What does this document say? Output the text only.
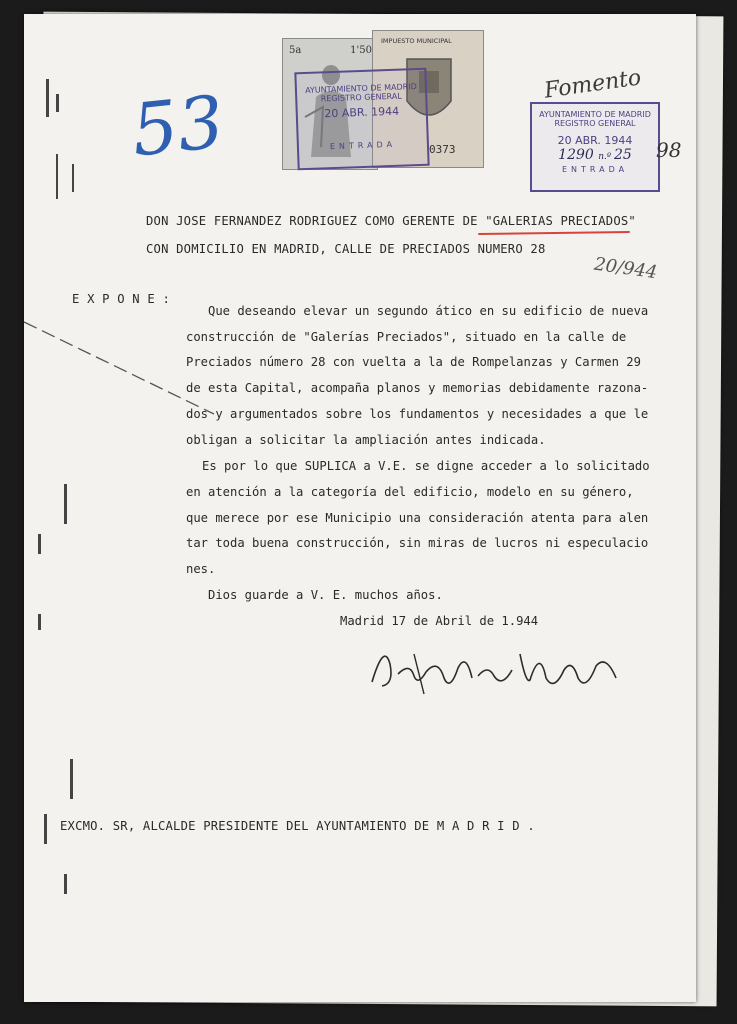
5a	1'50
IMPUESTO MUNICIPAL
0373
AYUNTAMIENTO DE MADRID
REGISTRO GENERAL
20 ABR. 1944
ENTRADA
53	Fomento
AYUNTAMIENTO DE MADRID
REGISTRO GENERAL
20 ABR. 1944
1290 n.º 25
ENTRADA
98
DON JOSE FERNANDEZ RODRIGUEZ COMO GERENTE DE "GALERIAS PRECIADOS"
CON DOMICILIO EN MADRID, CALLE DE PRECIADOS NUMERO 28
20/944
E X P O N E :
Que deseando elevar un segundo ático en su edificio de nueva
construcción de "Galerías Preciados", situado en la calle de
Preciados número 28 con vuelta a la de Rompelanzas y Carmen 29
de esta Capital, acompaña planos y memorias debidamente razona-
dos y argumentados sobre los fundamentos y necesidades a que le
obligan a solicitar la ampliación antes indicada.
Es por lo que SUPLICA a V.E. se digne acceder a lo solicitado
en atención a la categoría del edificio, modelo en su género,
que merece por ese Municipio una consideración atenta para alen
tar toda buena construcción, sin miras de lucros ni especulacio
nes.
Dios guarde a V. E. muchos años.
Madrid 17 de Abril de 1.944
EXCMO. SR, ALCALDE PRESIDENTE DEL AYUNTAMIENTO DE M A D R I D .
